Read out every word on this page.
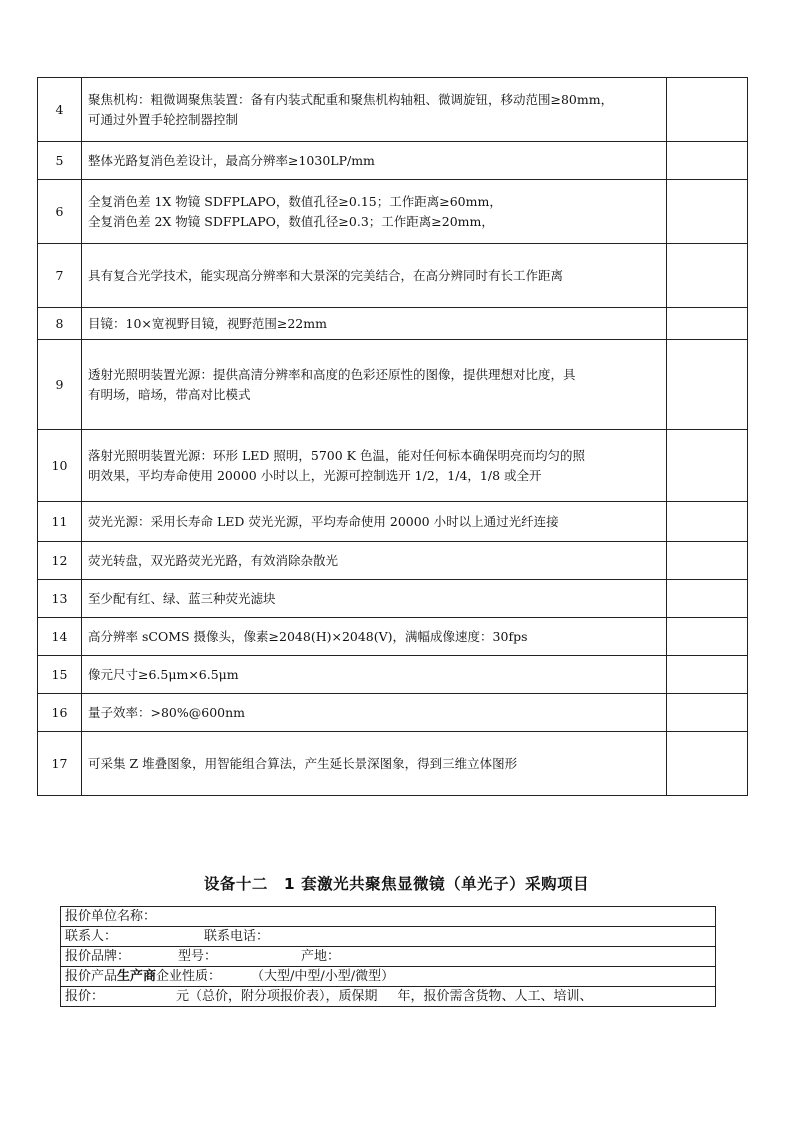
4	聚焦机构：粗微调聚焦装置：备有内装式配重和聚焦机构轴粗、微调旋钮，移动范围≥80mm，
可通过外置手轮控制器控制	

5	整体光路复消色差设计，最高分辨率≥1030LP/mm	

6	全复消色差 1X 物镜 SDFPLAPO，数值孔径≥0.15；工作距离≥60mm，
全复消色差 2X 物镜 SDFPLAPO，数值孔径≥0.3；工作距离≥20mm，	

7	具有复合光学技术，能实现高分辨率和大景深的完美结合，在高分辨同时有长工作距离	

8	目镜：10×宽视野目镜，视野范围≥22mm	

9	透射光照明装置光源：提供高清分辨率和高度的色彩还原性的图像，提供理想对比度，具
有明场，暗场，带高对比模式	

10	落射光照明装置光源：环形 LED 照明，5700 K 色温，能对任何标本确保明亮而均匀的照
明效果，平均寿命使用 20000 小时以上，光源可控制选开 1/2，1/4，1/8 或全开	

11	荧光光源：采用长寿命 LED 荧光光源，平均寿命使用 20000 小时以上通过光纤连接	

12	荧光转盘，双光路荧光光路，有效消除杂散光	

13	至少配有红、绿、蓝三种荧光滤块	

14	高分辨率 sCOMS 摄像头，像素≥2048(H)×2048(V)，满幅成像速度：30fps	

15	像元尺寸≥6.5μm×6.5μm	

16	量子效率：>80%@600nm	

17	可采集 Z 堆叠图象，用智能组合算法，产生延长景深图象，得到三维立体图形	

设备十二　1 套激光共聚焦显微镜（单光子）采购项目
报价单位名称：
联系人：	联系电话：
报价品牌：	型号：	产地：
报价产品生产商企业性质： （大型/中型/小型/微型）
报价：	元（总价，附分项报价表），质保期 年，报价需含货物、人工、培训、
